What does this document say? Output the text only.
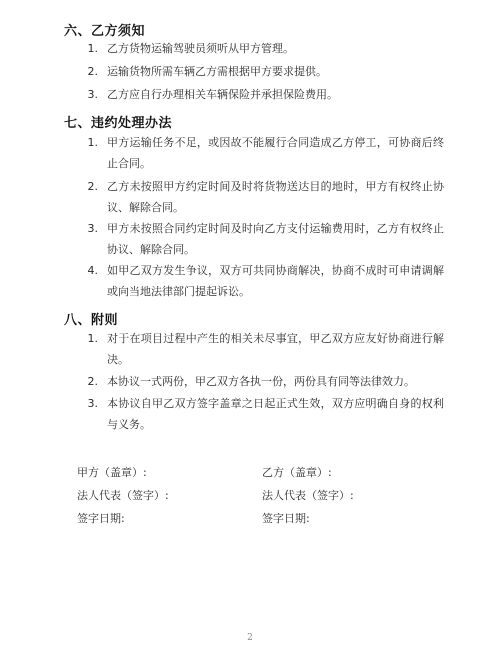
六、乙方须知
1. 乙方货物运输驾驶员须听从甲方管理。
2. 运输货物所需车辆乙方需根据甲方要求提供。
3. 乙方应自行办理相关车辆保险并承担保险费用。
七、违约处理办法
1. 甲方运输任务不足，或因故不能履行合同造成乙方停工，可协商后终止合同。
2. 乙方未按照甲方约定时间及时将货物送达目的地时，甲方有权终止协议、解除合同。
3. 甲方未按照合同约定时间及时向乙方支付运输费用时，乙方有权终止协议、解除合同。
4. 如甲乙双方发生争议，双方可共同协商解决，协商不成时可申请调解或向当地法律部门提起诉讼。
八、附则
1. 对于在项目过程中产生的相关未尽事宜，甲乙双方应友好协商进行解决。
2. 本协议一式两份，甲乙双方各执一份，两份具有同等法律效力。
3. 本协议自甲乙双方签字盖章之日起正式生效，双方应明确自身的权利与义务。
甲方（盖章）:
法人代表（签字）:
签字日期:
乙方（盖章）:
法人代表（签字）:
签字日期:
2
